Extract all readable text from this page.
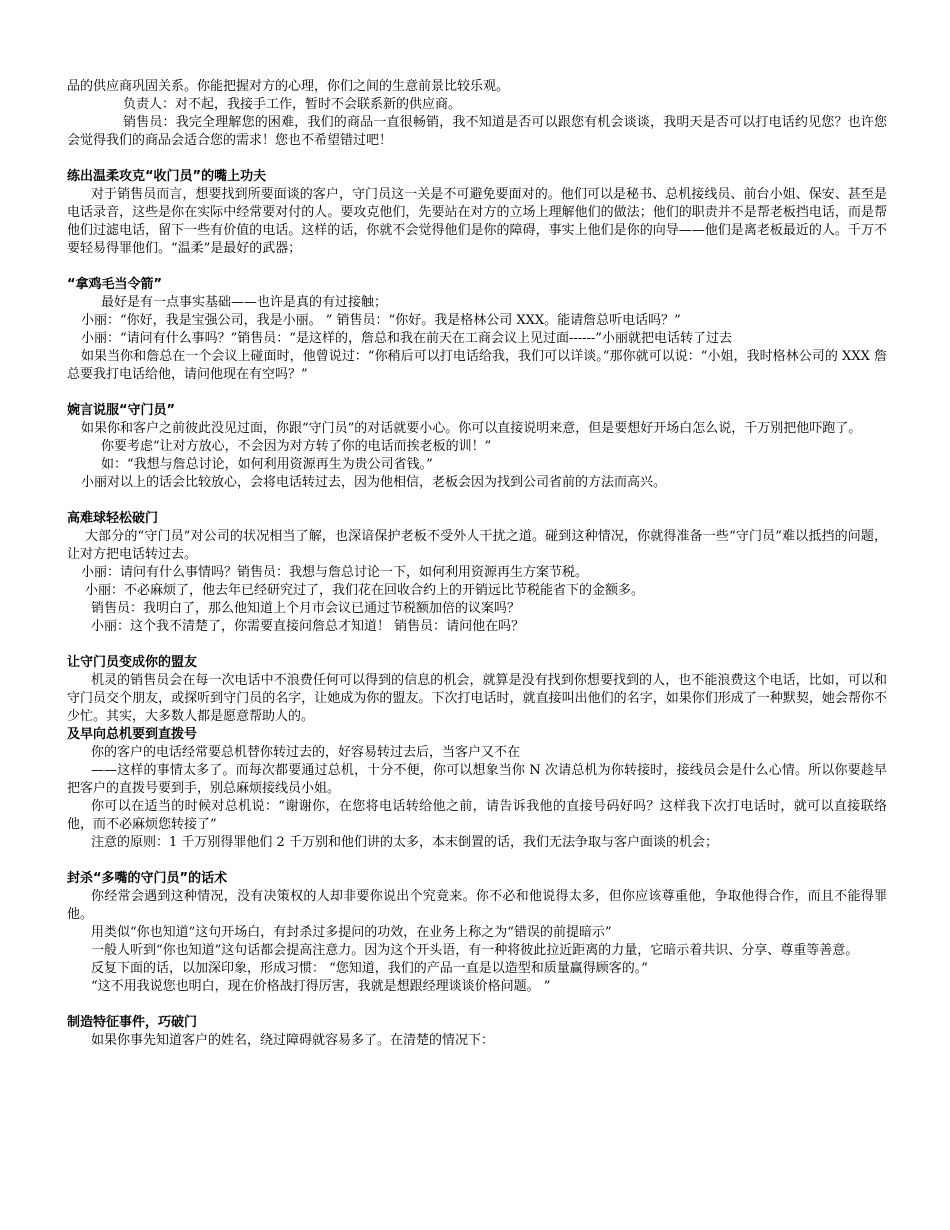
品的供应商巩固关系。你能把握对方的心理，你们之间的生意前景比较乐观。

负责人：对不起，我接手工作，暂时不会联系新的供应商。

销售员：我完全理解您的困难，我们的商品一直很畅销，我不知道是否可以跟您有机会谈谈，我明天是否可以打电话约见您？也许您会觉得我们的商品会适合您的需求！您也不希望错过吧！

练出温柔攻克“收门员”的嘴上功夫

对于销售员而言，想要找到所要面谈的客户，守门员这一关是不可避免要面对的。他们可以是秘书、总机接线员、前台小姐、保安、甚至是电话录音，这些是你在实际中经常要对付的人。要攻克他们，先要站在对方的立场上理解他们的做法；他们的职责并不是帮老板挡电话，而是帮他们过滤电话，留下一些有价值的电话。这样的话，你就不会觉得他们是你的障碍，事实上他们是你的向导——他们是离老板最近的人。千万不要轻易得罪他们。“温柔”是最好的武器；

“拿鸡毛当令箭”

最好是有一点事实基础——也许是真的有过接触；

小丽：“你好，我是宝强公司，我是小丽。 ” 销售员：“你好。我是格林公司 XXX。能请詹总听电话吗？”

小丽：“请问有什么事吗？”销售员：“是这样的，詹总和我在前天在工商会议上见过面------”小丽就把电话转了过去

如果当你和詹总在一个会议上碰面时，他曾说过：“你稍后可以打电话给我，我们可以详谈。”那你就可以说：“小姐，我时格林公司的 XXX 詹总要我打电话给他，请问他现在有空吗？”

婉言说服“守门员”

如果你和客户之前彼此没见过面，你跟“守门员”的对话就要小心。你可以直接说明来意，但是要想好开场白怎么说，千万别把他吓跑了。

你要考虑“让对方放心，不会因为对方转了你的电话而挨老板的训！”

如：“我想与詹总讨论，如何利用资源再生为贵公司省钱。”

小丽对以上的话会比较放心，会将电话转过去，因为他相信，老板会因为找到公司省前的方法而高兴。

高难球轻松破门

大部分的“守门员”对公司的状况相当了解，也深谙保护老板不受外人干扰之道。碰到这种情况，你就得准备一些“守门员”难以抵挡的问题，让对方把电话转过去。

小丽：请问有什么事情吗？销售员：我想与詹总讨论一下，如何利用资源再生方案节税。

小丽：不必麻烦了，他去年已经研究过了，我们花在回收合约上的开销远比节税能省下的金额多。

销售员：我明白了，那么他知道上个月市会议已通过节税额加倍的议案吗？

小丽：这个我不清楚了，你需要直接问詹总才知道！ 销售员：请问他在吗？

让守门员变成你的盟友

机灵的销售员会在每一次电话中不浪费任何可以得到的信息的机会，就算是没有找到你想要找到的人，也不能浪费这个电话，比如，可以和守门员交个朋友，或探听到守门员的名字，让她成为你的盟友。下次打电话时，就直接叫出他们的名字，如果你们形成了一种默契，她会帮你不少忙。其实，大多数人都是愿意帮助人的。

及早向总机要到直拨号

你的客户的电话经常要总机替你转过去的，好容易转过去后，当客户又不在

——这样的事情太多了。而每次都要通过总机，十分不便，你可以想象当你 N 次请总机为你转接时，接线员会是什么心情。所以你要趁早把客户的直拨号要到手，别总麻烦接线员小姐。

你可以在适当的时候对总机说：“谢谢你，在您将电话转给他之前，请告诉我他的直接号码好吗？这样我下次打电话时，就可以直接联络他，而不必麻烦您转接了”

注意的原则：1 千万别得罪他们 2 千万别和他们讲的太多，本末倒置的话，我们无法争取与客户面谈的机会；

封杀“多嘴的守门员”的话术

你经常会遇到这种情况，没有决策权的人却非要你说出个究竟来。你不必和他说得太多，但你应该尊重他，争取他得合作，而且不能得罪他。

用类似“你也知道”这句开场白，有封杀过多提问的功效，在业务上称之为“错误的前提暗示”

一般人听到“你也知道”这句话都会提高注意力。因为这个开头语，有一种将彼此拉近距离的力量，它暗示着共识、分享、尊重等善意。

反复下面的话，以加深印象，形成习惯： “您知道，我们的产品一直是以造型和质量赢得顾客的。”

“这不用我说您也明白，现在价格战打得厉害，我就是想跟经理谈谈价格问题。 ”

制造特征事件，巧破门

如果你事先知道客户的姓名，绕过障碍就容易多了。在清楚的情况下：
